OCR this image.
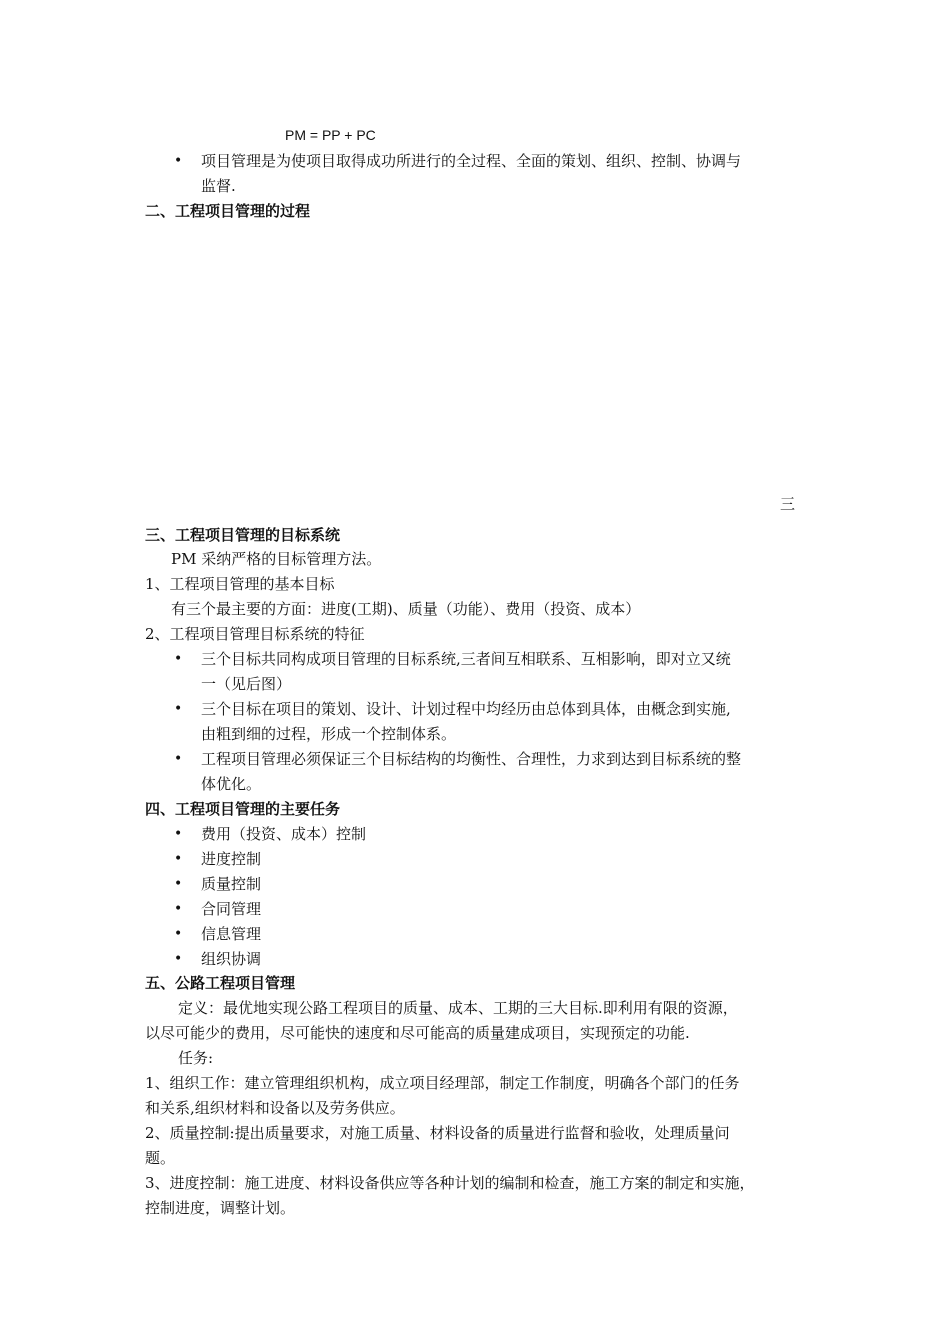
PM = PP + PC
• 项目管理是为使项目取得成功所进行的全过程、全面的策划、组织、控制、协调与
监督.
二、工程项目管理的过程
三
三、工程项目管理的目标系统
PM 采纳严格的目标管理方法。
1、工程项目管理的基本目标
有三个最主要的方面：进度(工期)、质量（功能）、费用（投资、成本）
2、工程项目管理目标系统的特征
• 三个目标共同构成项目管理的目标系统,三者间互相联系、互相影响，即对立又统
一（见后图）
• 三个目标在项目的策划、设计、计划过程中均经历由总体到具体，由概念到实施,
由粗到细的过程，形成一个控制体系。
• 工程项目管理必须保证三个目标结构的均衡性、合理性，力求到达到目标系统的整
体优化。
四、工程项目管理的主要任务
• 费用（投资、成本）控制
• 进度控制
• 质量控制
• 合同管理
• 信息管理
• 组织协调
五、公路工程项目管理
定义：最优地实现公路工程项目的质量、成本、工期的三大目标.即利用有限的资源，
以尽可能少的费用，尽可能快的速度和尽可能高的质量建成项目，实现预定的功能.
任务:
1、组织工作：建立管理组织机构，成立项目经理部，制定工作制度，明确各个部门的任务
和关系,组织材料和设备以及劳务供应。
2、质量控制:提出质量要求，对施工质量、材料设备的质量进行监督和验收，处理质量问
题。
3、进度控制：施工进度、材料设备供应等各种计划的编制和检查，施工方案的制定和实施，
控制进度，调整计划。
